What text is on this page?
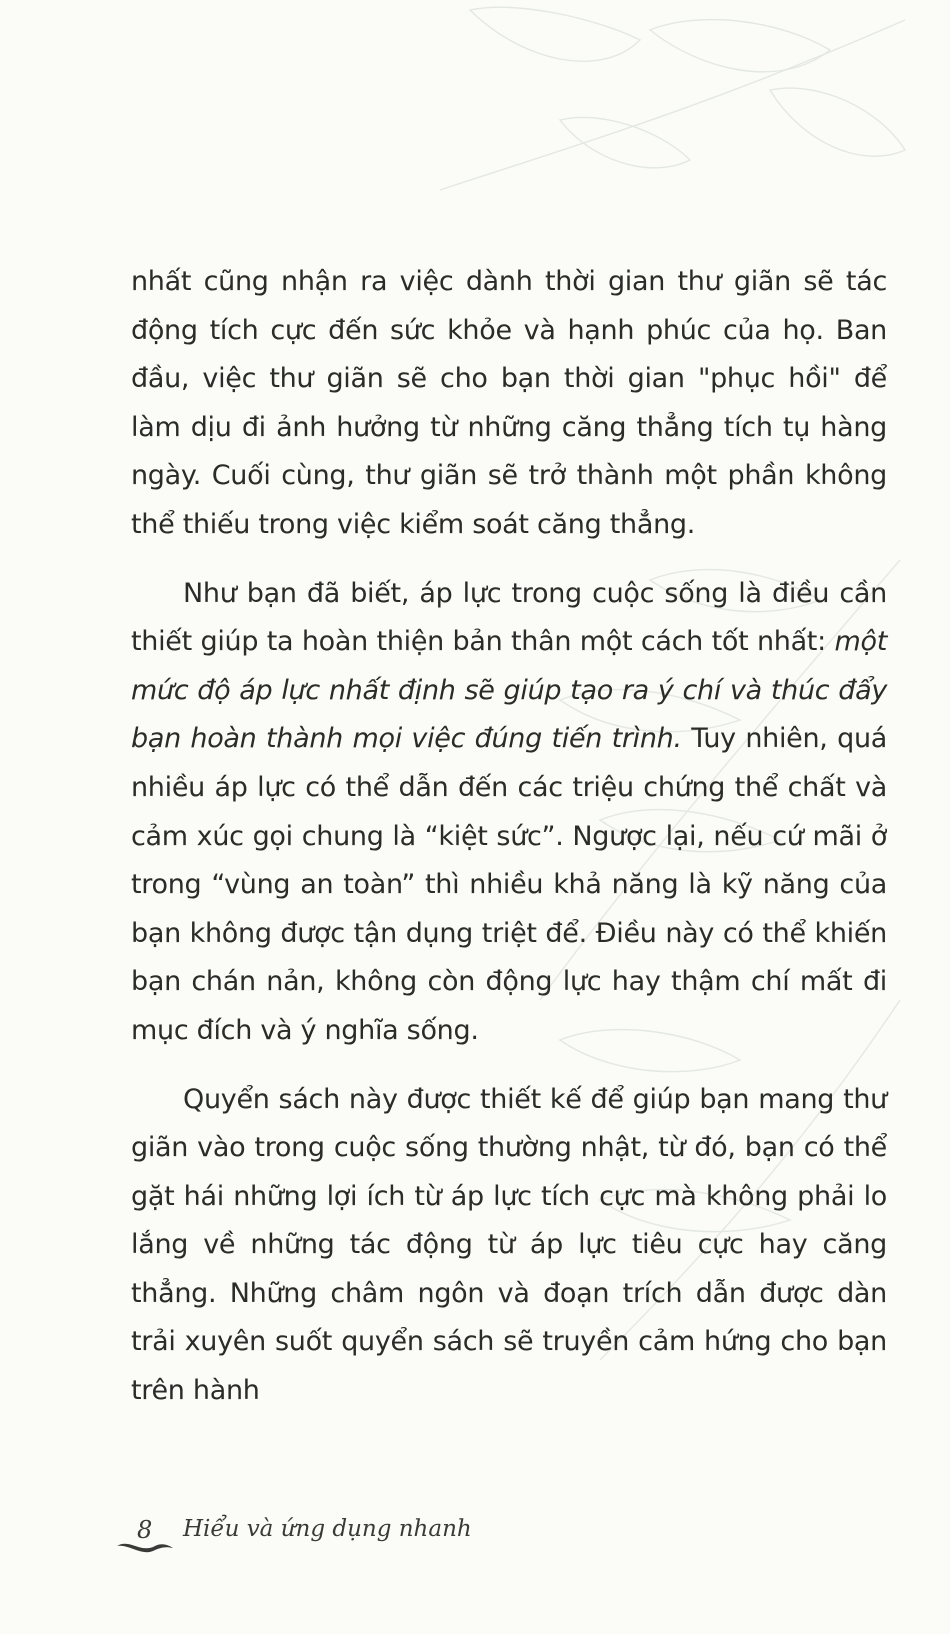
nhất cũng nhận ra việc dành thời gian thư giãn sẽ tác động tích cực đến sức khỏe và hạnh phúc của họ. Ban đầu, việc thư giãn sẽ cho bạn thời gian "phục hồi" để làm dịu đi ảnh hưởng từ những căng thẳng tích tụ hàng ngày. Cuối cùng, thư giãn sẽ trở thành một phần không thể thiếu trong việc kiểm soát căng thẳng.

Như bạn đã biết, áp lực trong cuộc sống là điều cần thiết giúp ta hoàn thiện bản thân một cách tốt nhất: một mức độ áp lực nhất định sẽ giúp tạo ra ý chí và thúc đẩy bạn hoàn thành mọi việc đúng tiến trình. Tuy nhiên, quá nhiều áp lực có thể dẫn đến các triệu chứng thể chất và cảm xúc gọi chung là “kiệt sức”. Ngược lại, nếu cứ mãi ở trong “vùng an toàn” thì nhiều khả năng là kỹ năng của bạn không được tận dụng triệt để. Điều này có thể khiến bạn chán nản, không còn động lực hay thậm chí mất đi mục đích và ý nghĩa sống.

Quyển sách này được thiết kế để giúp bạn mang thư giãn vào trong cuộc sống thường nhật, từ đó, bạn có thể gặt hái những lợi ích từ áp lực tích cực mà không phải lo lắng về những tác động từ áp lực tiêu cực hay căng thẳng. Những châm ngôn và đoạn trích dẫn được dàn trải xuyên suốt quyển sách sẽ truyền cảm hứng cho bạn trên hành

8 Hiểu và ứng dụng nhanh
